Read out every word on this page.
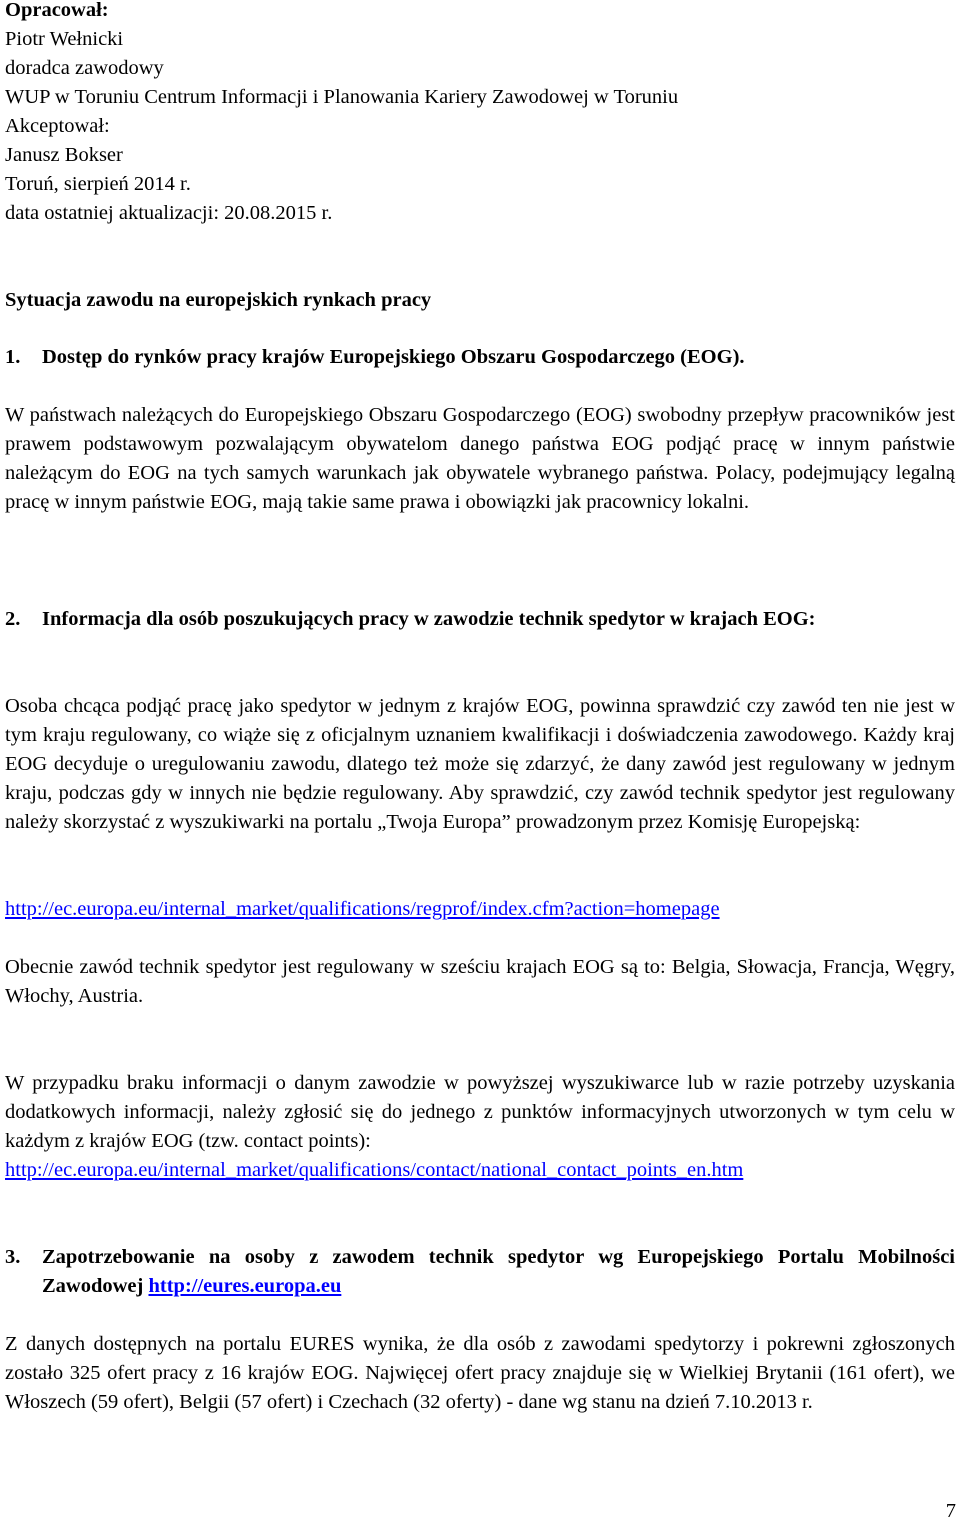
Opracował:
Piotr Wełnicki
doradca zawodowy
WUP w Toruniu Centrum Informacji i Planowania Kariery Zawodowej w Toruniu
Akceptował:
Janusz Bokser
Toruń, sierpień 2014 r.
data ostatniej aktualizacji: 20.08.2015 r.
Sytuacja zawodu na europejskich rynkach pracy
1. Dostęp do rynków pracy krajów Europejskiego Obszaru Gospodarczego (EOG).

W państwach należących do Europejskiego Obszaru Gospodarczego (EOG) swobodny przepływ pracowników jest prawem podstawowym pozwalającym obywatelom danego państwa EOG podjąć pracę w innym państwie należącym do EOG na tych samych warunkach jak obywatele wybranego państwa. Polacy, podejmujący legalną pracę w innym państwie EOG, mają takie same prawa i obowiązki jak pracownicy lokalni.

2. Informacja dla osób poszukujących pracy w zawodzie technik spedytor w krajach EOG:

Osoba chcąca podjąć pracę jako spedytor w jednym z krajów EOG, powinna sprawdzić czy zawód ten nie jest w tym kraju regulowany, co wiąże się z oficjalnym uznaniem kwalifikacji i doświadczenia zawodowego. Każdy kraj EOG decyduje o uregulowaniu zawodu, dlatego też może się zdarzyć, że dany zawód jest regulowany w jednym kraju, podczas gdy w innych nie będzie regulowany. Aby sprawdzić, czy zawód technik spedytor jest regulowany należy skorzystać z wyszukiwarki na portalu „Twoja Europa” prowadzonym przez Komisję Europejską:

http://ec.europa.eu/internal_market/qualifications/regprof/index.cfm?action=homepage

Obecnie zawód technik spedytor jest regulowany w sześciu krajach EOG są to: Belgia, Słowacja, Francja, Węgry, Włochy, Austria.

W przypadku braku informacji o danym zawodzie w powyższej wyszukiwarce lub w razie potrzeby uzyskania dodatkowych informacji, należy zgłosić się do jednego z punktów informacyjnych utworzonych w tym celu w każdym z krajów EOG (tzw. contact points):

http://ec.europa.eu/internal_market/qualifications/contact/national_contact_points_en.htm
3. Zapotrzebowanie na osoby z zawodem technik spedytor wg Europejskiego Portalu Mobilności Zawodowej http://eures.europa.eu

Z danych dostępnych na portalu EURES wynika, że dla osób z zawodami spedytorzy i pokrewni zgłoszonych zostało 325 ofert pracy z 16 krajów EOG. Najwięcej ofert pracy znajduje się w Wielkiej Brytanii (161 ofert), we Włoszech (59 ofert), Belgii (57 ofert) i Czechach (32 oferty) - dane wg stanu na dzień 7.10.2013 r.

7
